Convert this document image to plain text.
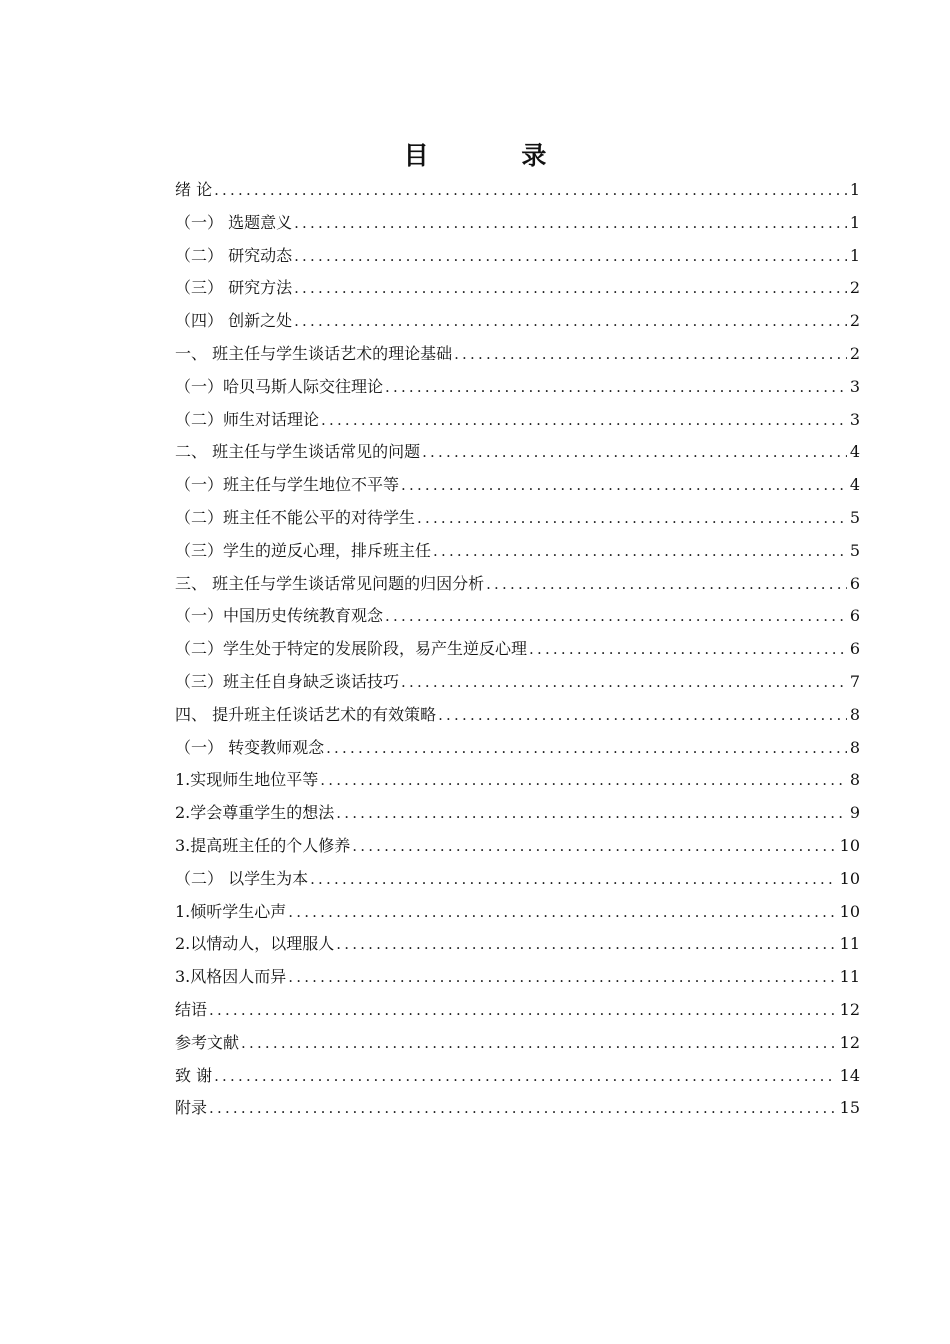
目 录
绪 论 .....	1
（一） 选题意义 .....	1
（二） 研究动态 .....	1
（三） 研究方法 .....	2
（四） 创新之处 .....	2
一、 班主任与学生谈话艺术的理论基础 .....	2
（一）哈贝马斯人际交往理论 .....	3
（二）师生对话理论 .....	3
二、 班主任与学生谈话常见的问题 .....	4
（一）班主任与学生地位不平等 .....	4
（二）班主任不能公平的对待学生 .....	5
（三）学生的逆反心理，排斥班主任 .....	5
三、 班主任与学生谈话常见问题的归因分析 .....	6
（一）中国历史传统教育观念 .....	6
（二）学生处于特定的发展阶段，易产生逆反心理 .....	6
（三）班主任自身缺乏谈话技巧 .....	7
四、 提升班主任谈话艺术的有效策略 .....	8
（一） 转变教师观念 .....	8
1.实现师生地位平等 .....	8
2.学会尊重学生的想法 .....	9
3.提高班主任的个人修养 .....	10
（二） 以学生为本 .....	10
1.倾听学生心声 .....	10
2.以情动人，以理服人 .....	11
3.风格因人而异 .....	11
结语 .....	12
参考文献 .....	12
致 谢 .....	14
附录 .....	15
